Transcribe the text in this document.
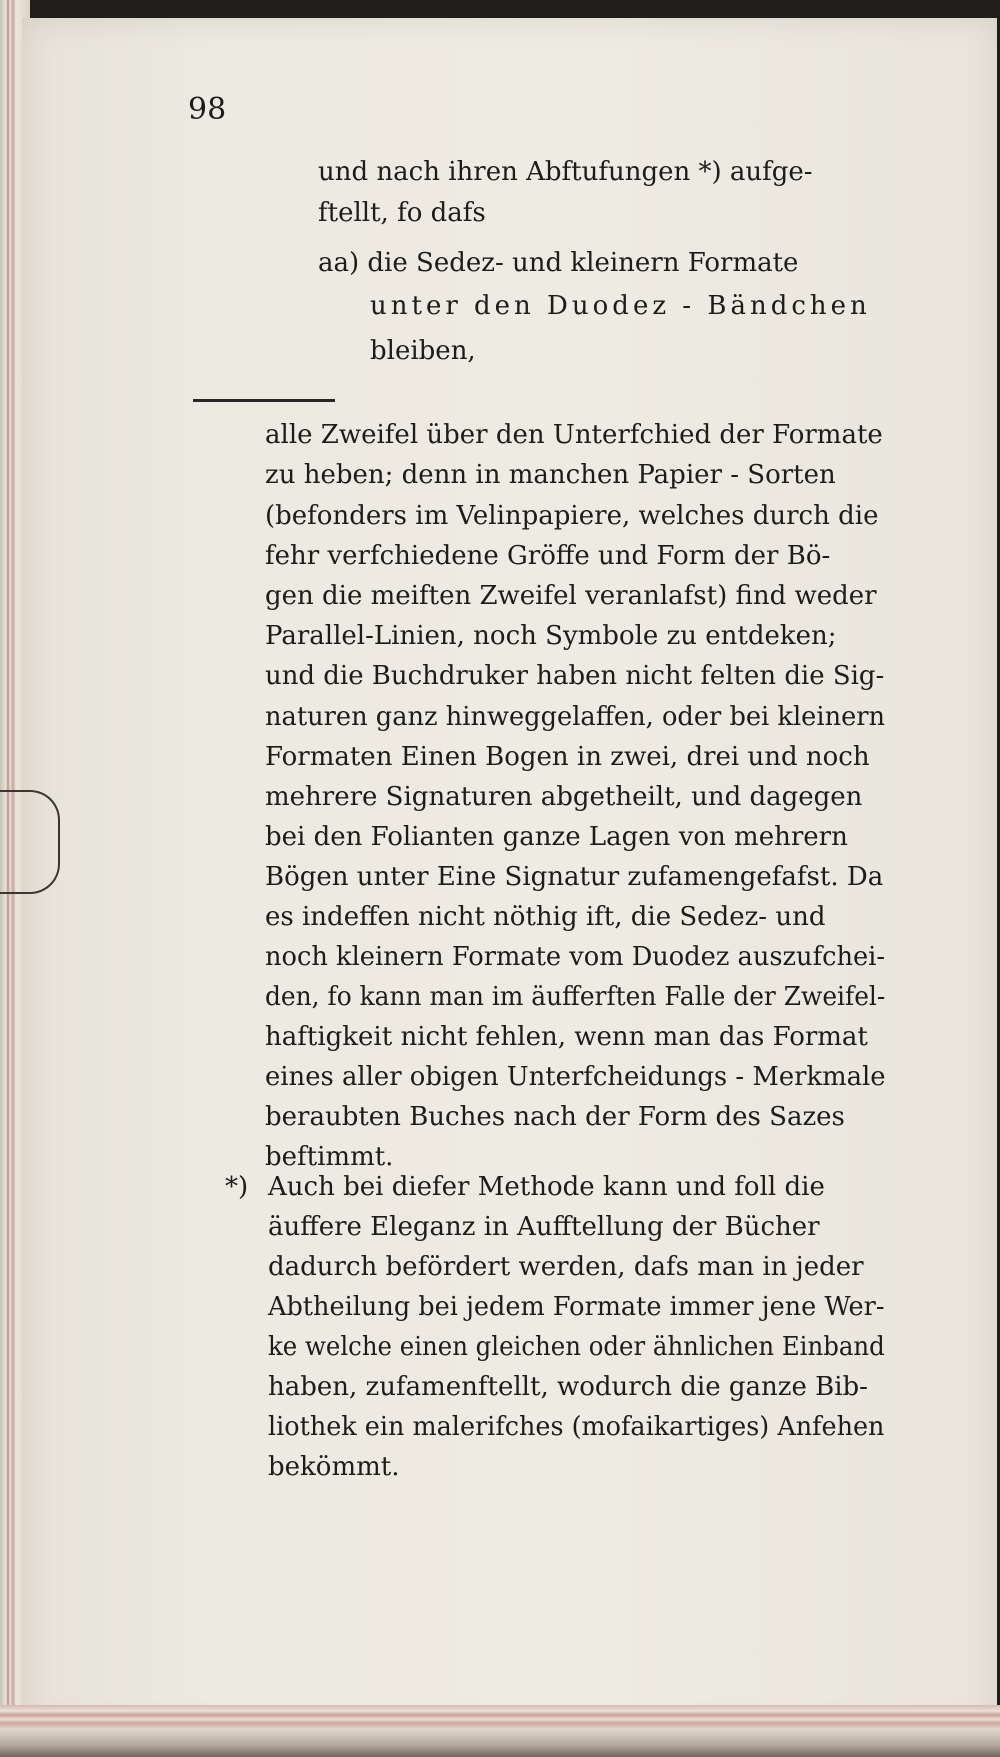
98
und nach ihren Abftufungen *) aufge-
ftellt, fo dafs
aa) die Sedez- und kleinern Formate
unter den Duodez - Bändchen
bleiben,
alle Zweifel über den Unterfchied der Formate
zu heben; denn in manchen Papier - Sorten
(befonders im Velinpapiere, welches durch die
fehr verfchiedene Gröffe und Form der Bö-
gen die meiften Zweifel veranlafst) find weder
Parallel-Linien, noch Symbole zu entdeken;
und die Buchdruker haben nicht felten die Sig-
naturen ganz hinweggelaffen, oder bei kleinern
Formaten Einen Bogen in zwei, drei und noch
mehrere Signaturen abgetheilt, und dagegen
bei den Folianten ganze Lagen von mehrern
Bögen unter Eine Signatur zufamengefafst. Da
es indeffen nicht nöthig ift, die Sedez- und
noch kleinern Formate vom Duodez auszufchei-
den, fo kann man im äufferften Falle der Zweifel-
haftigkeit nicht fehlen, wenn man das Format
eines aller obigen Unterfcheidungs - Merkmale
beraubten Buches nach der Form des Sazes
beftimmt.
*) Auch bei diefer Methode kann und foll die
äuffere Eleganz in Aufftellung der Bücher
dadurch befördert werden, dafs man in jeder
Abtheilung bei jedem Formate immer jene Wer-
ke welche einen gleichen oder ähnlichen Einband
haben, zufamenftellt, wodurch die ganze Bib-
liothek ein malerifches (mofaikartiges) Anfehen
bekömmt.
